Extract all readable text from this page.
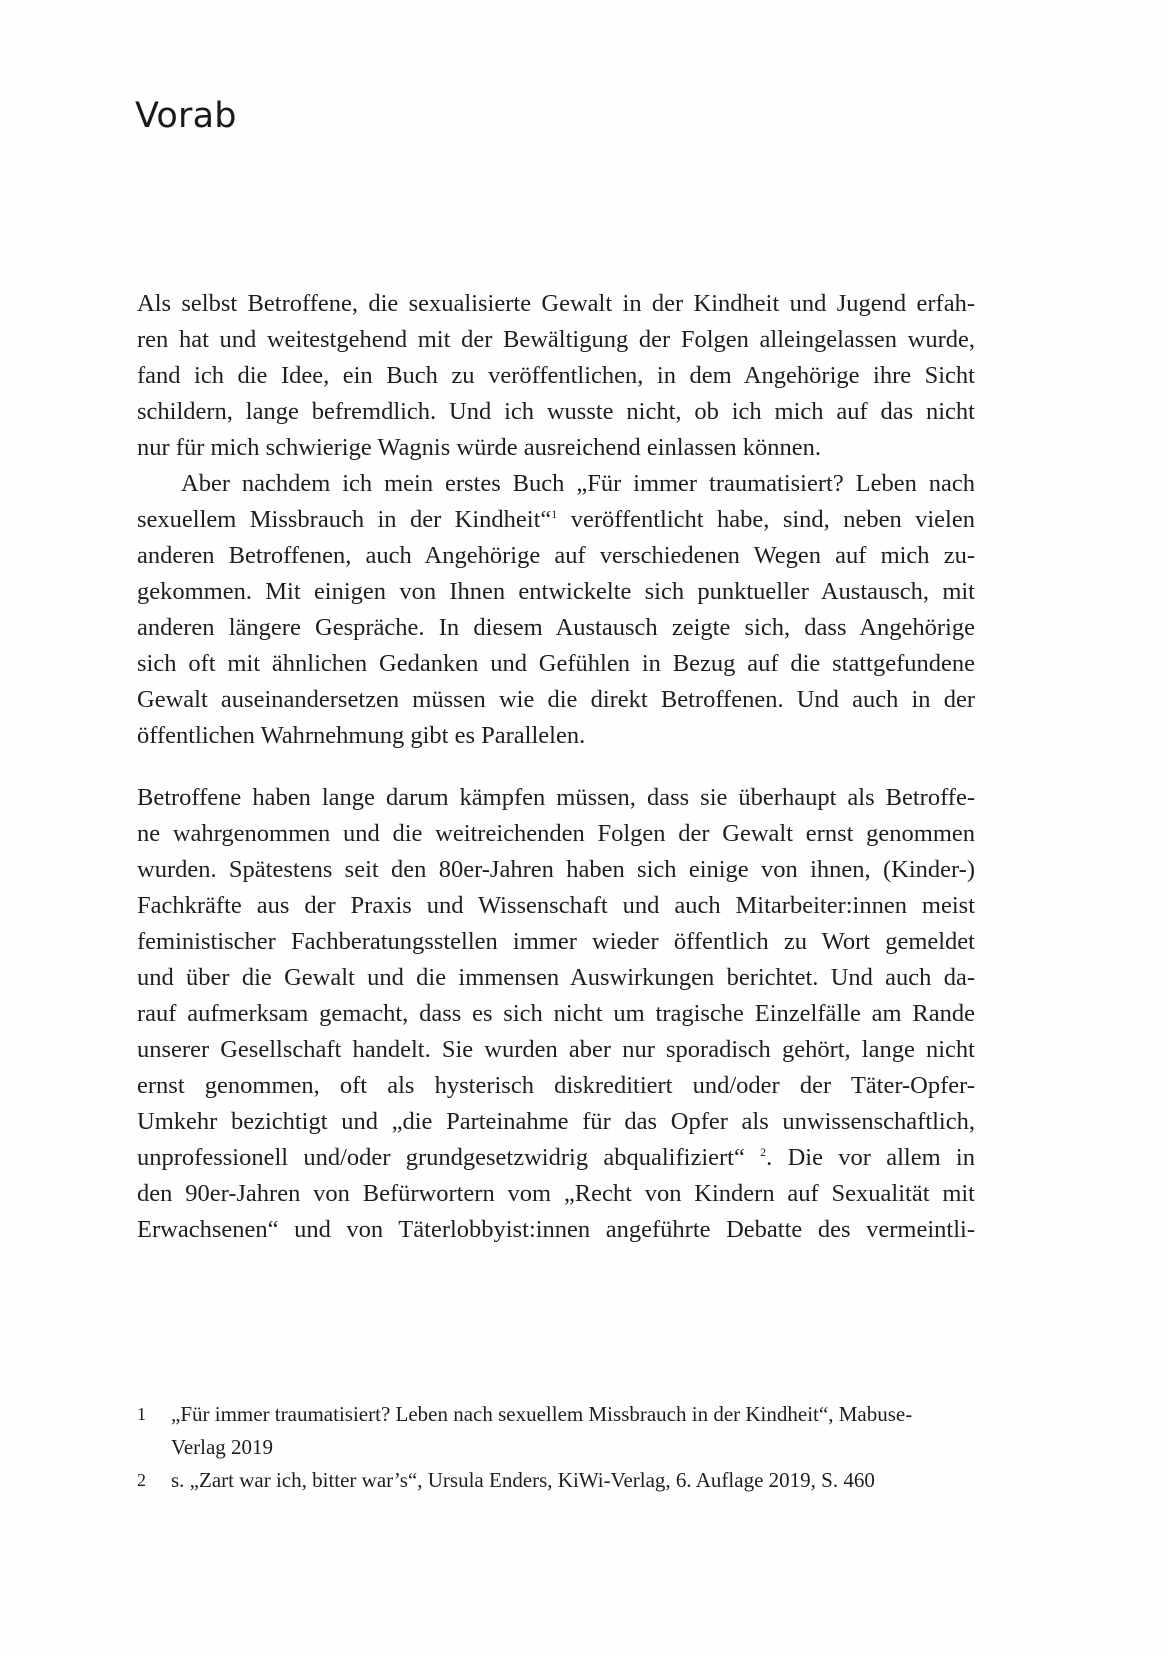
Vorab
Als selbst Betroffene, die sexualisierte Gewalt in der Kindheit und Jugend erfah-
ren hat und weitestgehend mit der Bewältigung der Folgen alleingelassen wurde,
fand ich die Idee, ein Buch zu veröffentlichen, in dem Angehörige ihre Sicht
schildern, lange befremdlich. Und ich wusste nicht, ob ich mich auf das nicht
nur für mich schwierige Wagnis würde ausreichend einlassen können.
Aber nachdem ich mein erstes Buch „Für immer traumatisiert? Leben nach
sexuellem Missbrauch in der Kindheit“$^1$ veröffentlicht habe, sind, neben vielen
anderen Betroffenen, auch Angehörige auf verschiedenen Wegen auf mich zu-
gekommen. Mit einigen von Ihnen entwickelte sich punktueller Austausch, mit
anderen längere Gespräche. In diesem Austausch zeigte sich, dass Angehörige
sich oft mit ähnlichen Gedanken und Gefühlen in Bezug auf die stattgefundene
Gewalt auseinandersetzen müssen wie die direkt Betroffenen. Und auch in der
öffentlichen Wahrnehmung gibt es Parallelen.
Betroffene haben lange darum kämpfen müssen, dass sie überhaupt als Betroffe-
ne wahrgenommen und die weitreichenden Folgen der Gewalt ernst genommen
wurden. Spätestens seit den 80er-Jahren haben sich einige von ihnen, (Kinder-)
Fachkräfte aus der Praxis und Wissenschaft und auch Mitarbeiter:innen meist
feministischer Fachberatungsstellen immer wieder öffentlich zu Wort gemeldet
und über die Gewalt und die immensen Auswirkungen berichtet. Und auch da-
rauf aufmerksam gemacht, dass es sich nicht um tragische Einzelfälle am Rande
unserer Gesellschaft handelt. Sie wurden aber nur sporadisch gehört, lange nicht
ernst genommen, oft als hysterisch diskreditiert und/oder der Täter-Opfer-
Umkehr bezichtigt und „die Parteinahme für das Opfer als unwissenschaftlich,
unprofessionell und/oder grundgesetzwidrig abqualifiziert“ $^2$. Die vor allem in
den 90er-Jahren von Befürwortern vom „Recht von Kindern auf Sexualität mit
Erwachsenen“ und von Täterlobbyist:innen angeführte Debatte des vermeintli-
1	„Für immer traumatisiert? Leben nach sexuellem Missbrauch in der Kindheit“, Mabuse-
Verlag 2019
2	s. „Zart war ich, bitter war’s“, Ursula Enders, KiWi-Verlag, 6. Auflage 2019, S. 460
